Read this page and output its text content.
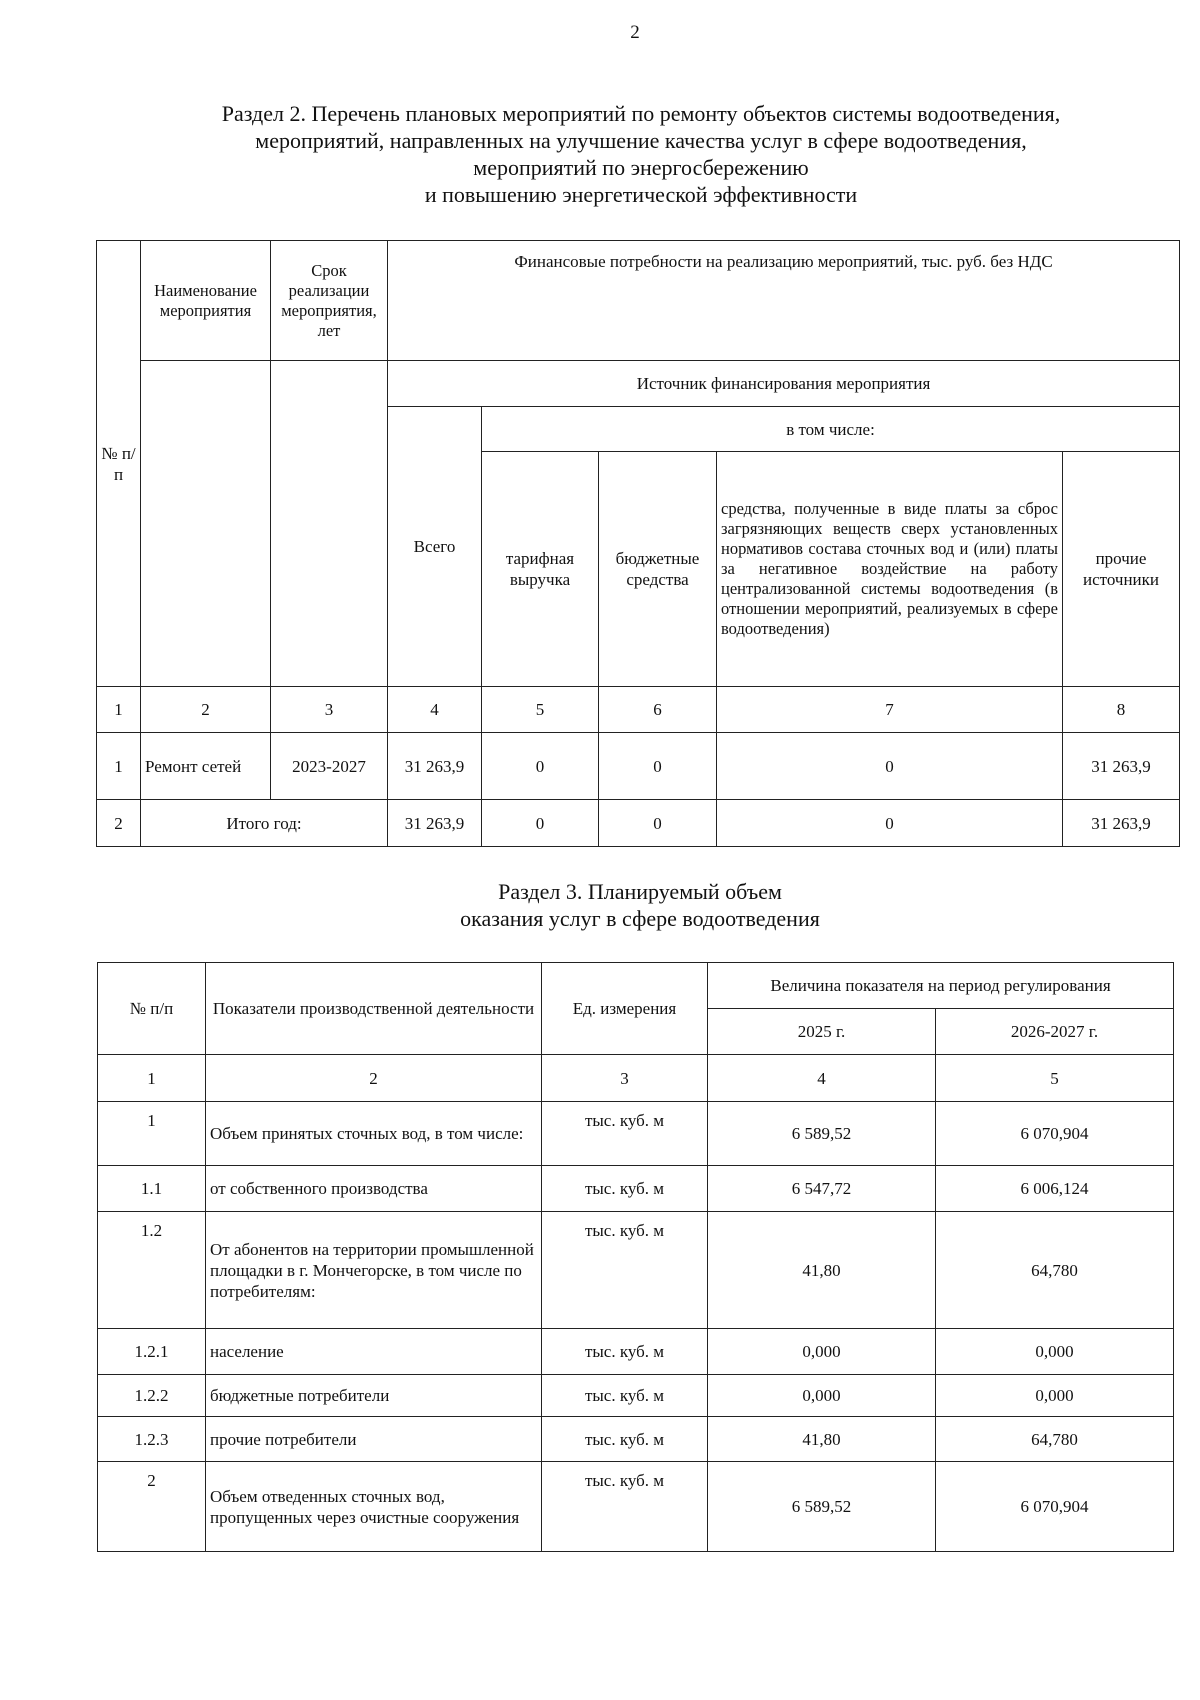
2
Раздел 2. Перечень плановых мероприятий по ремонту объектов системы водоотведения,
мероприятий, направленных на улучшение качества услуг в сфере водоотведения,
мероприятий по энергосбережению
и повышению энергетической эффективности
№ п/п	Наименование мероприятия	Срок реализации мероприятия, лет	Финансовые потребности на реализацию мероприятий, тыс. руб. без НДС				
			Источник финансирования мероприятия				
			Всего	в том числе:			
				тарифная выручка	бюджетные средства	средства, полученные в виде платы за сброс загрязняющих веществ сверх установленных нормативов состава сточных вод и (или) платы за негативное воздействие на работу централизованной системы водоотведения (в отношении мероприятий, реализуемых в сфере водоотведения)	прочие источники
1	2	3	4	5	6	7	8
1	Ремонт сетей	2023-2027	31 263,9	0	0	0	31 263,9
2	Итого год:		31 263,9	0	0	0	31 263,9
Раздел 3. Планируемый объем
оказания услуг в сфере водоотведения
№ п/п	Показатели производственной деятельности	Ед. измерения	Величина показателя на период регулирования	
			2025 г.	2026-2027 г.
1	2	3	4	5
1	Объем принятых сточных вод, в том числе:	тыс. куб. м	6 589,52	6 070,904
1.1	от собственного производства	тыс. куб. м	6 547,72	6 006,124
1.2	От абонентов на территории промышленной площадки в г. Мончегорске, в том числе по потребителям:	тыс. куб. м	41,80	64,780
1.2.1	население	тыс. куб. м	0,000	0,000
1.2.2	бюджетные потребители	тыс. куб. м	0,000	0,000
1.2.3	прочие потребители	тыс. куб. м	41,80	64,780
2	Объем отведенных сточных вод, пропущенных через очистные сооружения	тыс. куб. м	6 589,52	6 070,904
